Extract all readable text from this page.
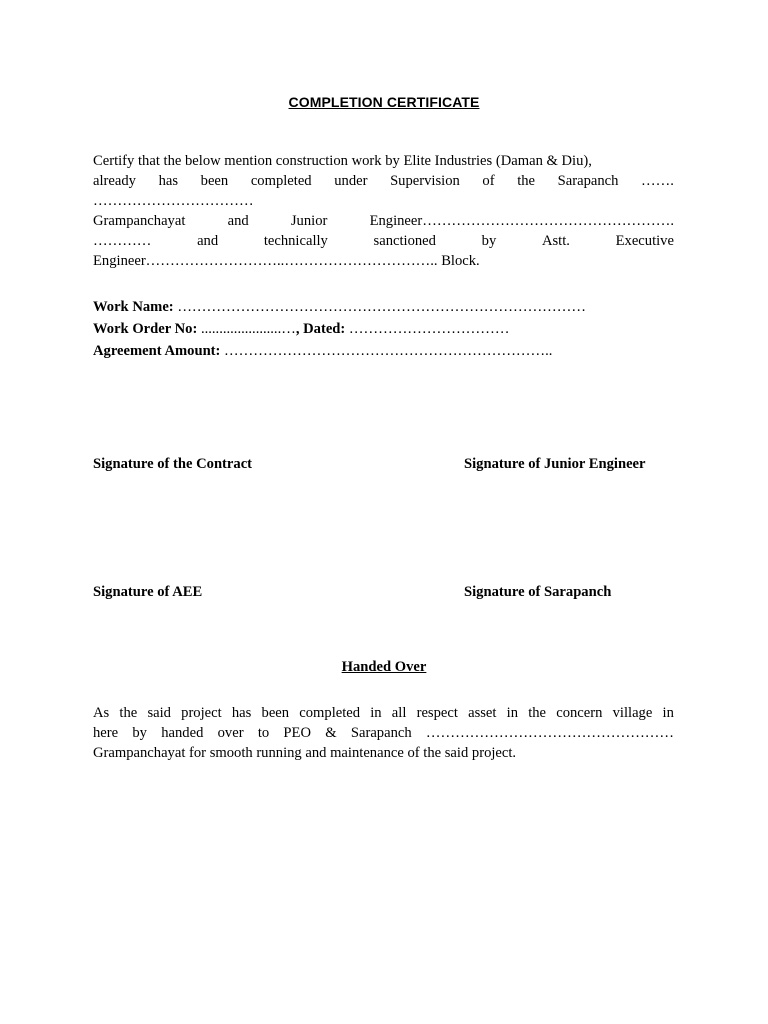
COMPLETION CERTIFICATE
Certify that the below mention construction work by Elite Industries (Daman & Diu),
already has been completed under Supervision of the Sarapanch …….
……………………………
Grampanchayat	and	Junior	Engineer…………………………………………….
…………	and	technically	sanctioned	by	Astt.	Executive
Engineer………………………..………………………….. Block.
Work Name: …………………………………………………………………………
Work Order No: ......................…, Dated: ……………………………
Agreement Amount: …………………………………………………………..
Signature of the Contract	Signature of Junior Engineer
Signature of AEE	Signature of Sarapanch
Handed Over
As the said project has been completed in all respect asset in the concern village in
here by handed over to PEO & Sarapanch ……………………………………………
Grampanchayat for smooth running and maintenance of the said project.
